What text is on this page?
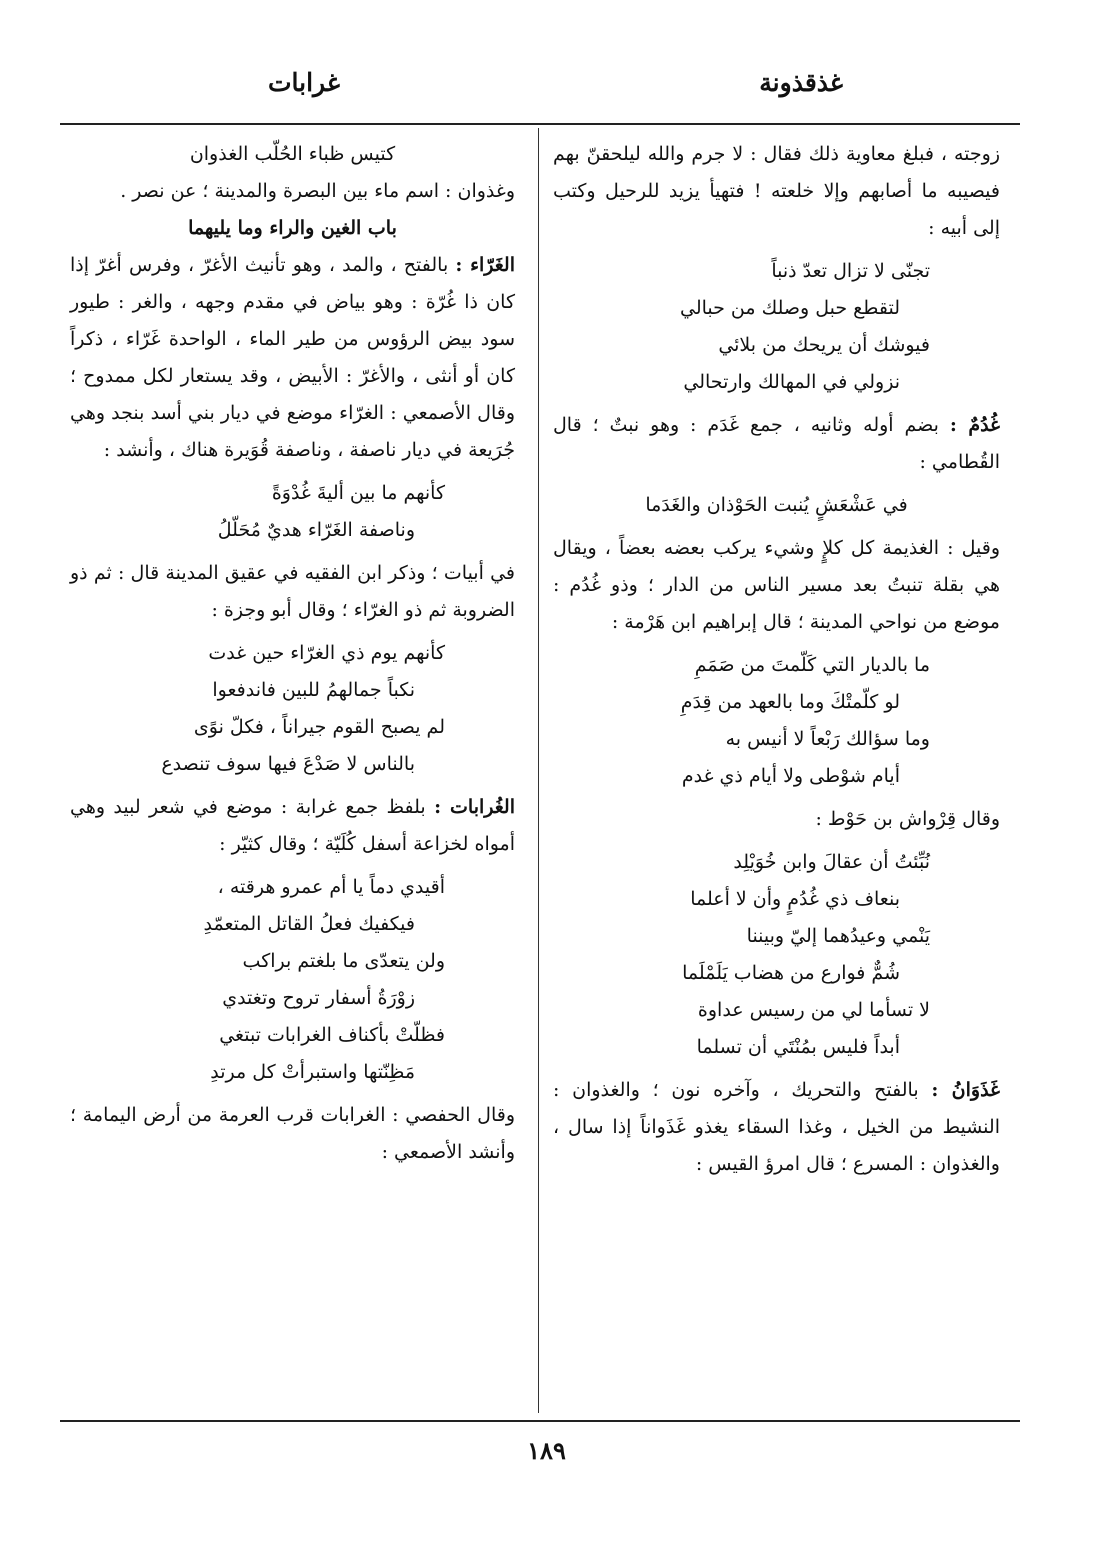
غذقذونة
غرابات

زوجته ، فبلغ معاوية ذلك فقال : لا جرم والله ليلحقنّ بهم فيصيبه ما أصابهم وإلا خلعته ! فتهيأ يزيد للرحيل وكتب إلى أبيه :

تجنّى لا تزال تعدّ ذنباً

لتقطع حبل وصلك من حبالي

فيوشك أن يريحك من بلائي

نزولي في المهالك وارتحالي

غُدُمٌ : بضم أوله وثانيه ، جمع غَدَم : وهو نبتٌ ؛ قال القُطامي :

في عَشْعَشٍ يُنبت الحَوْذان والغَدَما

وقيل : الغذيمة كل كلإٍ وشيء يركب بعضه بعضاً ، ويقال هي بقلة تنبتُ بعد مسير الناس من الدار ؛ وذو غُدُم : موضع من نواحي المدينة ؛ قال إبراهيم ابن هَرْمة :

ما بالديار التي كَلّمتَ من صَمَمِ

لو كلّمتْكَ وما بالعهد من قِدَمِ

وما سؤالك رَبْعاً لا أنيس به

أيام شوْطى ولا أيام ذي غدم

وقال قِرْواش بن حَوْط :

نُبِّئتُ أن عقالَ وابن خُوَيْلِد

بنعاف ذي غُدُمٍ وأن لا أعلما

يَنْمي وعيدُهما إليّ وبيننا

شُمٌّ فوارع من هضاب يَلَمْلَما

لا تسأما لي من رسيس عداوة

أبداً فليس بمُنْتَي أن تسلما

غَذَوَانُ : بالفتح والتحريك ، وآخره نون ؛ والغذوان : النشيط من الخيل ، وغذا السقاء يغذو غَذَواناً إذا سال ، والغذوان : المسرع ؛ قال امرؤ القيس :

كتيس ظباء الحُلّب الغذوان

وغذوان : اسم ماء بين البصرة والمدينة ؛ عن نصر .

باب الغين والراء وما يليهما

الغَرّاء : بالفتح ، والمد ، وهو تأنيث الأغرّ ، وفرس أغرّ إذا كان ذا غُرّة : وهو بياض في مقدم وجهه ، والغر : طيور سود بيض الرؤوس من طير الماء ، الواحدة غَرّاء ، ذكراً كان أو أنثى ، والأغرّ : الأبيض ، وقد يستعار لكل ممدوح ؛ وقال الأصمعي : الغرّاء موضع في ديار بني أسد بنجد وهي جُرَيعة في ديار ناصفة ، وناصفة قُوَيرة هناك ، وأنشد :

كأنهم ما بين أليةَ غُدْوَةً

وناصفة الغَرّاء هديٌ مُحَلّلُ

في أبيات ؛ وذكر ابن الفقيه في عقيق المدينة قال : ثم ذو الضروبة ثم ذو الغرّاء ؛ وقال أبو وجزة :

كأنهم يوم ذي الغرّاء حين غدت

نكباً جمالهمُ للبين فاندفعوا

لم يصبح القوم جيراناً ، فكلّ نوًى

بالناس لا صَدْعَ فيها سوف تنصدع

الغُرابات : بلفظ جمع غرابة : موضع في شعر لبيد وهي أمواه لخزاعة أسفل كُلَيّة ؛ وقال كثيّر :

أقيدي دماً يا أم عمرو هرقته ،

فيكفيك فعلُ القاتل المتعمّدِ

ولن يتعدّى ما بلغتم براكب

زوْرَةُ أسفار تروح وتغتدي

فظلّتْ بأكناف الغرابات تبتغي

مَظِنّتها واستبرأتْ كل مرتدِ

وقال الحفصي : الغرابات قرب العرمة من أرض اليمامة ؛ وأنشد الأصمعي :

١٨٩
